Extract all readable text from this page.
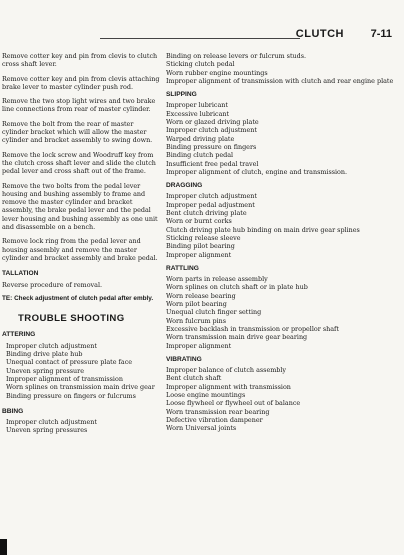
CLUTCH 7-11

Remove cotter key and pin from clevis to clutch cross shaft lever.

Remove cotter key and pin from clevis attaching brake lever to master cylinder push rod.

Remove the two stop light wires and two brake line connections from rear of master cylinder.

Remove the bolt from the rear of master cylinder bracket which will allow the master cylinder and bracket assembly to swing down.

Remove the lock screw and Woodruff key from the clutch cross shaft lever and slide the clutch pedal lever and cross shaft out of the frame.

Remove the two bolts from the pedal lever housing and bushing assembly to frame and remove the master cylinder and bracket assembly, the brake pedal lever and the pedal lever housing and bushing assembly as one unit and disassemble on a bench.

Remove lock ring from the pedal lever and housing assembly and remove the master cylinder and bracket assembly and brake pedal.

TALLATION

Reverse procedure of removal.

TE: Check adjustment of clutch pedal after embly.

TROUBLE SHOOTING
ATTERING
Improper clutch adjustment
Binding drive plate hub
Unequal contact of pressure plate face
Uneven spring pressure
Improper alignment of transmission
Worn splines on transmission main drive gear
Binding pressure on fingers or fulcrums
BBING
Improper clutch adjustment
Uneven spring pressures
Binding on release levers or fulcrum studs.
Sticking clutch pedal
Worn rubber engine mountings
Improper alignment of transmission with clutch and rear engine plate
SLIPPING
Improper lubricant
Excessive lubricant
Worn or glazed driving plate
Improper clutch adjustment
Warped driving plate
Binding pressure on fingers
Binding clutch pedal
Insufficient free pedal travel
Improper alignment of clutch, engine and transmission.
DRAGGING
Improper clutch adjustment
Improper pedal adjustment
Bent clutch driving plate
Worn or burnt corks
Clutch driving plate hub binding on main drive gear splines
Sticking release sleeve
Binding pilot bearing
Improper alignment
RATTLING
Worn parts in release assembly
Worn splines on clutch shaft or in plate hub
Worn release bearing
Worn pilot bearing
Unequal clutch finger setting
Worn fulcrum pins
Excessive backlash in transmission or propellor shaft
Worn transmission main drive gear bearing
Improper alignment
VIBRATING
Improper balance of clutch assembly
Bent clutch shaft
Improper alignment with transmission
Loose engine mountings
Loose flywheel or flywheel out of balance
Worn transmission rear bearing
Defective vibration dampener
Worn Universal joints
